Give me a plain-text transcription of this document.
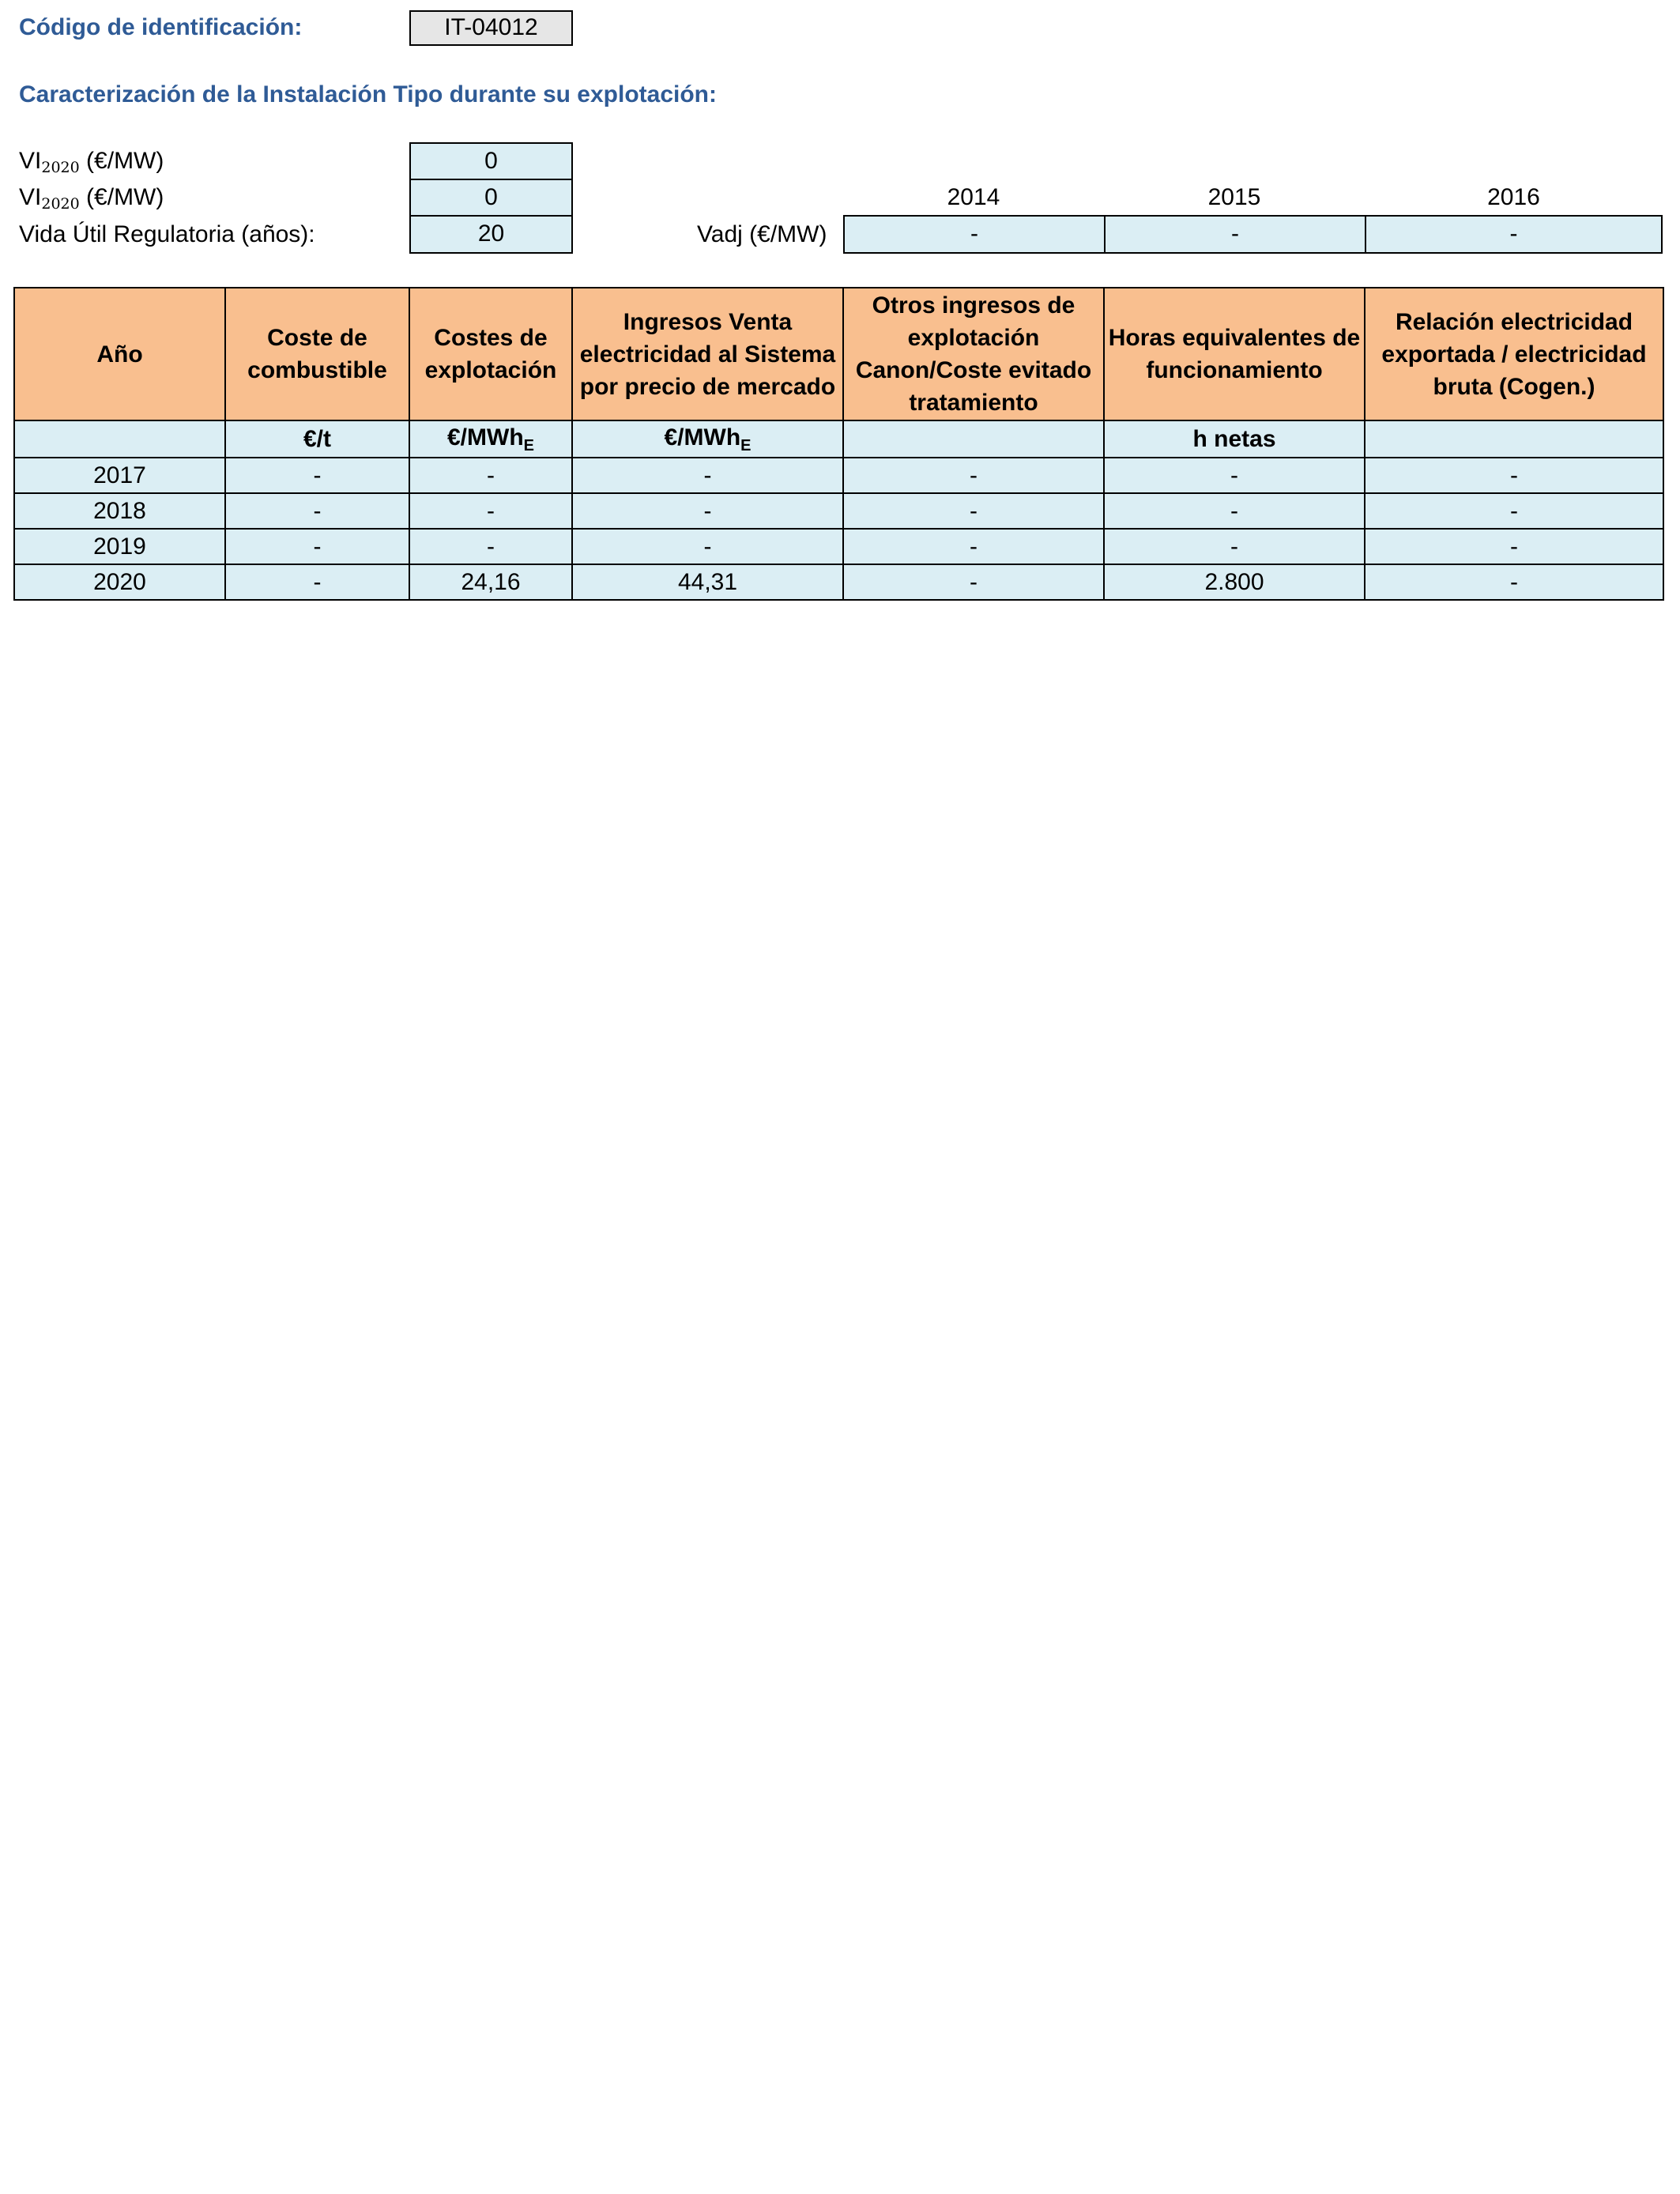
Código de identificación:	IT-04012
Caracterización de la Instalación Tipo durante su explotación:
VI2020 (€/MW)	0
VI2020 (€/MW)	0
Vida Útil Regulatoria (años):	20
2014	2015	2016
Vadj (€/MW)	-	-	-
Año	Coste de combustible	Costes de explotación	Ingresos Venta electricidad al Sistema por precio de mercado	Otros ingresos de explotación Canon/Coste evitado tratamiento	Horas equivalentes de funcionamiento	Relación electricidad exportada / electricidad bruta (Cogen.)
	€/t	€/MWh$_E$	€/MWh$_E$		h netas	
2017	-	-	-	-	-	-
2018	-	-	-	-	-	-
2019	-	-	-	-	-	-
2020	-	24,16	44,31	-	2.800	-
